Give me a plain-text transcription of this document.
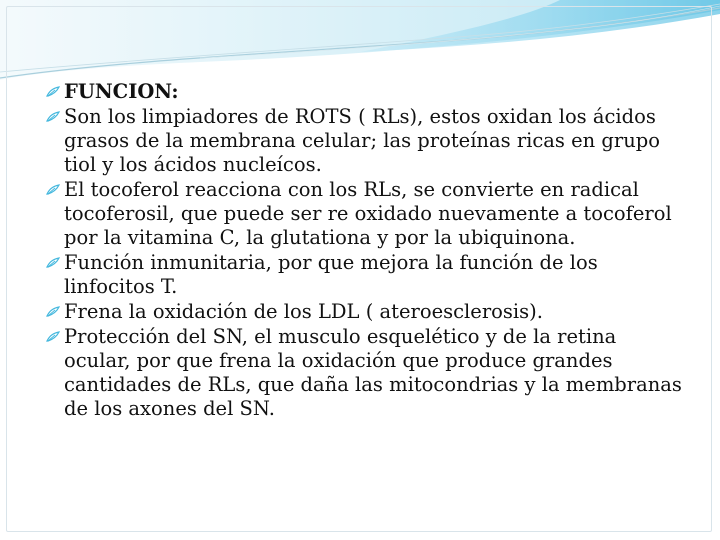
FUNCION:
Son los limpiadores de ROTS ( RLs), estos oxidan los ácidos grasos de la membrana celular; las proteínas ricas en grupo tiol y los ácidos nucleícos.
El tocoferol reacciona con los RLs, se convierte en radical tocoferosil, que puede ser re oxidado nuevamente a tocoferol por la vitamina C, la glutationa y por la ubiquinona.
Función inmunitaria, por que mejora la función de los linfocitos T.
Frena la oxidación de los LDL ( ateroesclerosis).
Protección del SN, el musculo esquelético y de la retina ocular, por que frena la oxidación que produce grandes cantidades de RLs, que daña las mitocondrias y la membranas de los axones del SN.
